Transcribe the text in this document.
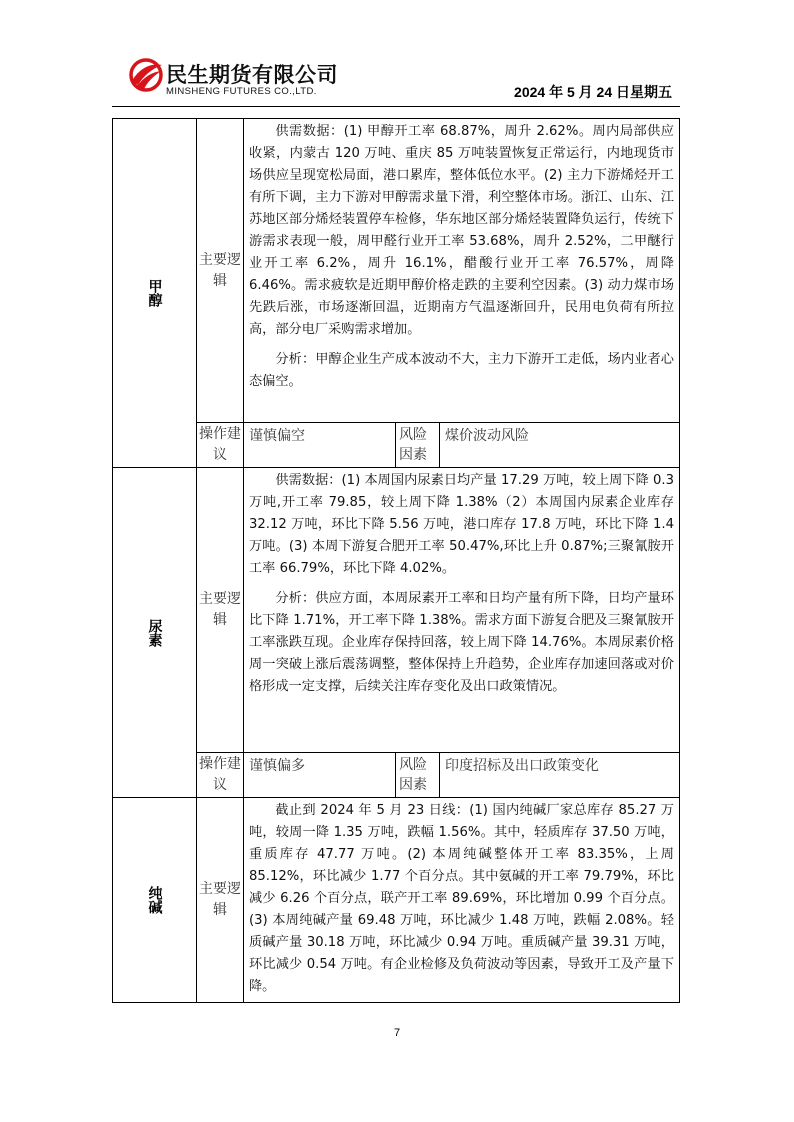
民生期货有限公司
MINSHENG FUTURES CO.,LTD.	2024 年 5 月 24 日星期五
甲醇	主要逻辑	供需数据：(1) 甲醇开工率 68.87%，周升 2.62%。周内局部供应收紧，内蒙古 120 万吨、重庆 85 万吨装置恢复正常运行，内地现货市场供应呈现宽松局面，港口累库，整体低位水平。(2) 主力下游烯烃开工有所下调，主力下游对甲醇需求量下滑，利空整体市场。浙江、山东、江苏地区部分烯烃装置停车检修，华东地区部分烯烃装置降负运行，传统下游需求表现一般，周甲醛行业开工率 53.68%，周升 2.52%，二甲醚行业开工率 6.2%，周升 16.1%，醋酸行业开工率 76.57%，周降 6.46%。需求疲软是近期甲醇价格走跌的主要利空因素。(3) 动力煤市场先跌后涨，市场逐渐回温，近期南方气温逐渐回升，民用电负荷有所拉高，部分电厂采购需求增加。

分析：甲醇企业生产成本波动不大，主力下游开工走低，场内业者心态偏空。		

	操作建议	谨慎偏空	风险因素	煤价波动风险

尿素	主要逻辑	供需数据：(1) 本周国内尿素日均产量 17.29 万吨，较上周下降 0.3 万吨,开工率 79.85，较上周下降 1.38%（2）本周国内尿素企业库存 32.12 万吨，环比下降 5.56 万吨，港口库存 17.8 万吨，环比下降 1.4 万吨。(3) 本周下游复合肥开工率 50.47%,环比上升 0.87%;三聚氰胺开工率 66.79%，环比下降 4.02%。

分析：供应方面，本周尿素开工率和日均产量有所下降，日均产量环比下降 1.71%，开工率下降 1.38%。需求方面下游复合肥及三聚氰胺开工率涨跌互现。企业库存保持回落，较上周下降 14.76%。本周尿素价格周一突破上涨后震荡调整，整体保持上升趋势，企业库存加速回落或对价格形成一定支撑，后续关注库存变化及出口政策情况。		

	操作建议	谨慎偏多	风险因素	印度招标及出口政策变化

纯碱	主要逻辑	截止到 2024 年 5 月 23 日线：(1) 国内纯碱厂家总库存 85.27 万吨，较周一降 1.35 万吨，跌幅 1.56%。其中，轻质库存 37.50 万吨，重质库存 47.77 万吨。(2) 本周纯碱整体开工率 83.35%，上周 85.12%，环比减少 1.77 个百分点。其中氨碱的开工率 79.79%，环比减少 6.26 个百分点，联产开工率 89.69%，环比增加 0.99 个百分点。(3) 本周纯碱产量 69.48 万吨，环比减少 1.48 万吨，跌幅 2.08%。轻质碱产量 30.18 万吨，环比减少 0.94 万吨。重质碱产量 39.31 万吨，环比减少 0.54 万吨。有企业检修及负荷波动等因素，导致开工及产量下降。		

7
